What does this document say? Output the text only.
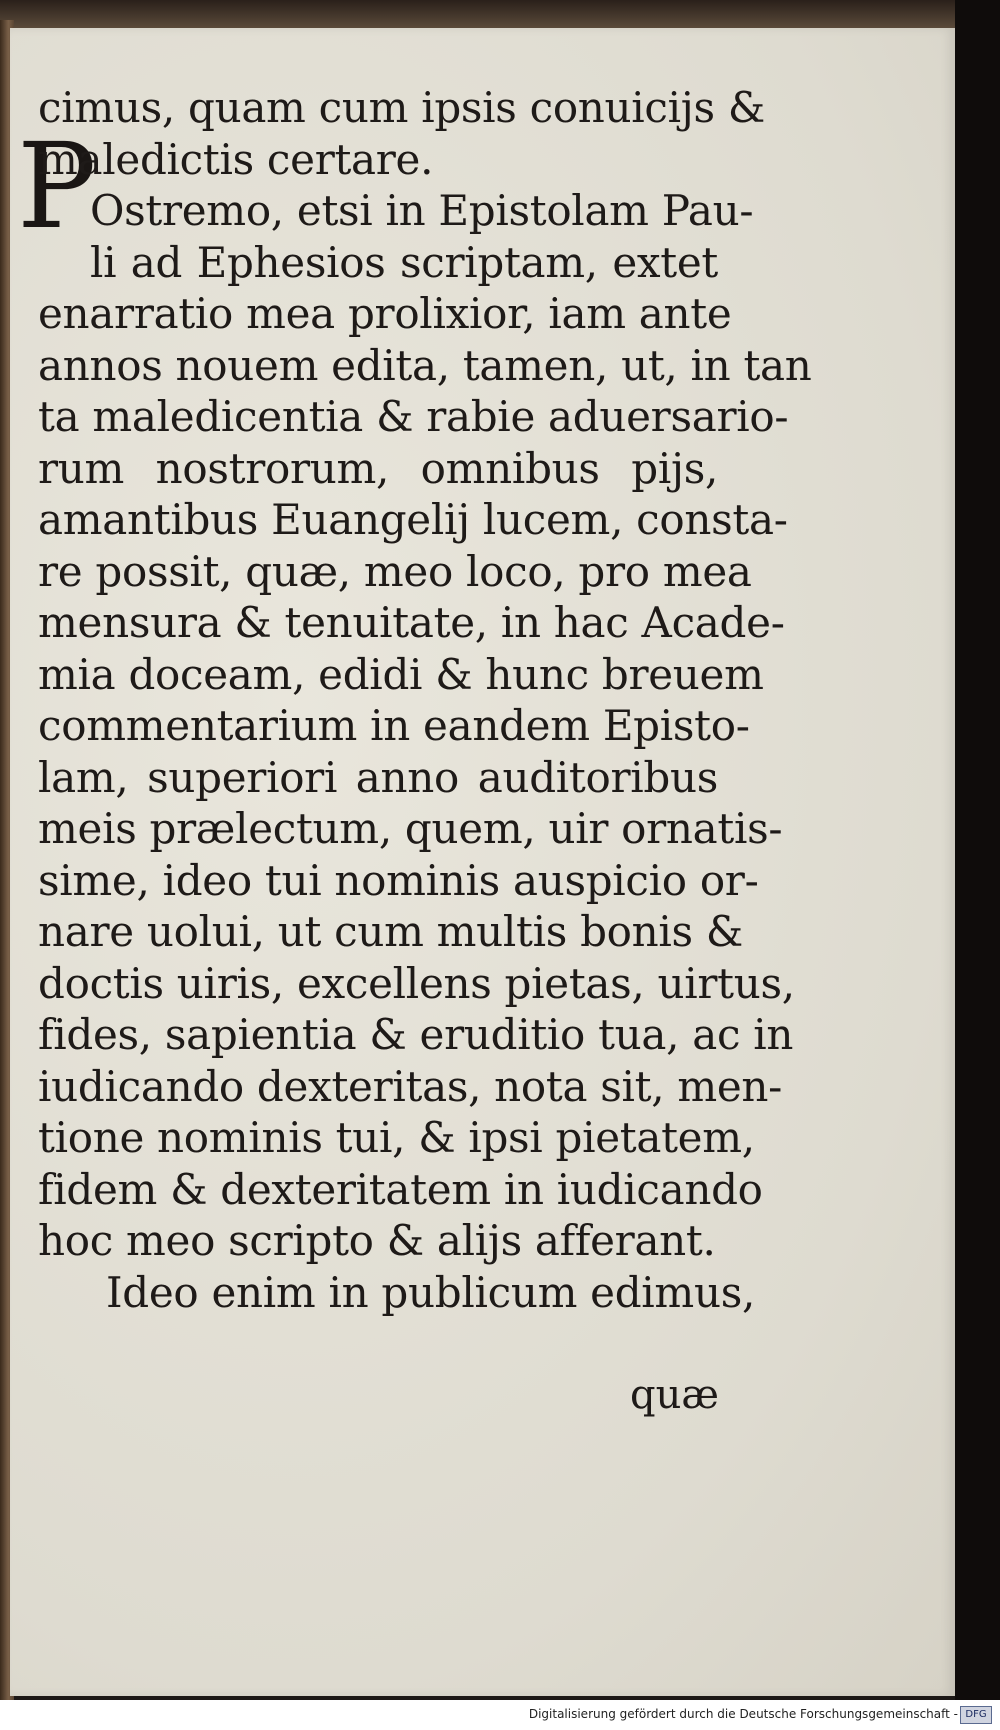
P
cimus, quam cum ipsis conuicijs &
maledictis certare.
Ostremo, etsi in Epistolam Pau-
li ad Ephesios scriptam, extet
enarratio mea prolixior, iam ante
annos nouem edita, tamen, ut, in tan
ta maledicentia & rabie aduersario-
rum nostrorum, omnibus pijs,
amantibus Euangelij lucem, consta-
re possit, quæ, meo loco, pro mea
mensura & tenuitate, in hac Acade-
mia doceam, edidi & hunc breuem
commentarium in eandem Episto-
lam, superiori anno auditoribus
meis prælectum, quem, uir ornatis-
sime, ideo tui nominis auspicio or-
nare uolui, ut cum multis bonis &
doctis uiris, excellens pietas, uirtus,
fides, sapientia & eruditio tua, ac in
iudicando dexteritas, nota sit, men-
tione nominis tui, & ipsi pietatem,
fidem & dexteritatem in iudicando
hoc meo scripto & alijs afferant.
Ideo enim in publicum edimus,
quæ
Digitalisierung gefördert durch die Deutsche Forschungsgemeinschaft - DFG
